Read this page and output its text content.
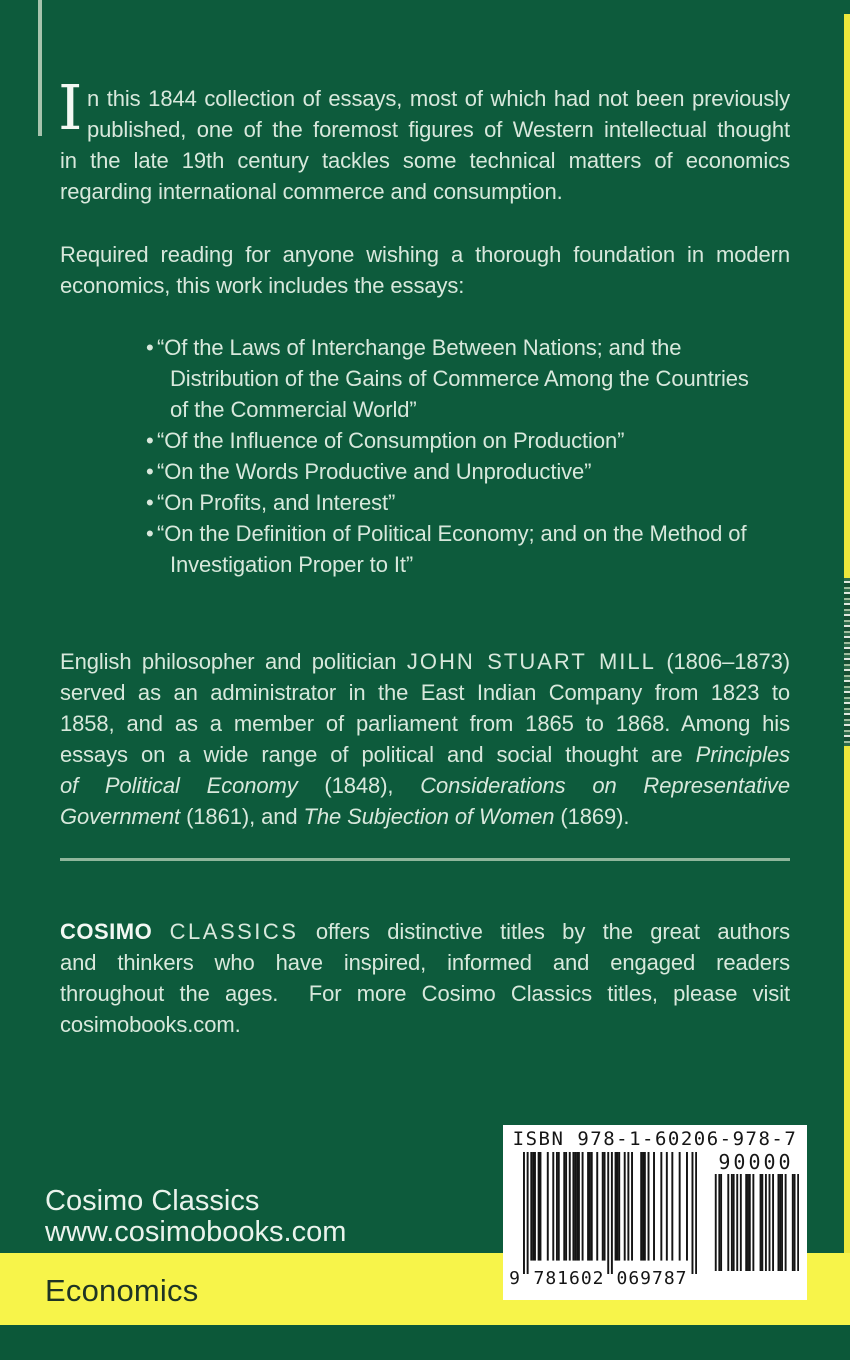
I n this 1844 collection of essays, most of which had not been previously
published, one of the foremost figures of Western intellectual thought
in the late 19th century tackles some technical matters of economics
regarding international commerce and consumption.
Required reading for anyone wishing a thorough foundation in modern
economics, this work includes the essays:
• “Of the Laws of Interchange Between Nations; and the Distribution of the Gains of Commerce Among the Countries of the Commercial World”
• “Of the Influence of Consumption on Production”
• “On the Words Productive and Unproductive”
• “On Profits, and Interest”
• “On the Definition of Political Economy; and on the Method of Investigation Proper to It”
English philosopher and politician JOHN STUART MILL (1806–1873)
served as an administrator in the East Indian Company from 1823 to
1858, and as a member of parliament from 1865 to 1868. Among his
essays on a wide range of political and social thought are Principles
of Political Economy (1848), Considerations on Representative
Government (1861), and The Subjection of Women (1869).
COSIMO CLASSICS offers distinctive titles by the great authors
and thinkers who have inspired, informed and engaged readers
throughout the ages.  For more Cosimo Classics titles, please visit
cosimobooks.com.
ISBN 978-1-60206-978-7
90000
9 781602 069787
Cosimo Classics
www.cosimobooks.com
Economics
